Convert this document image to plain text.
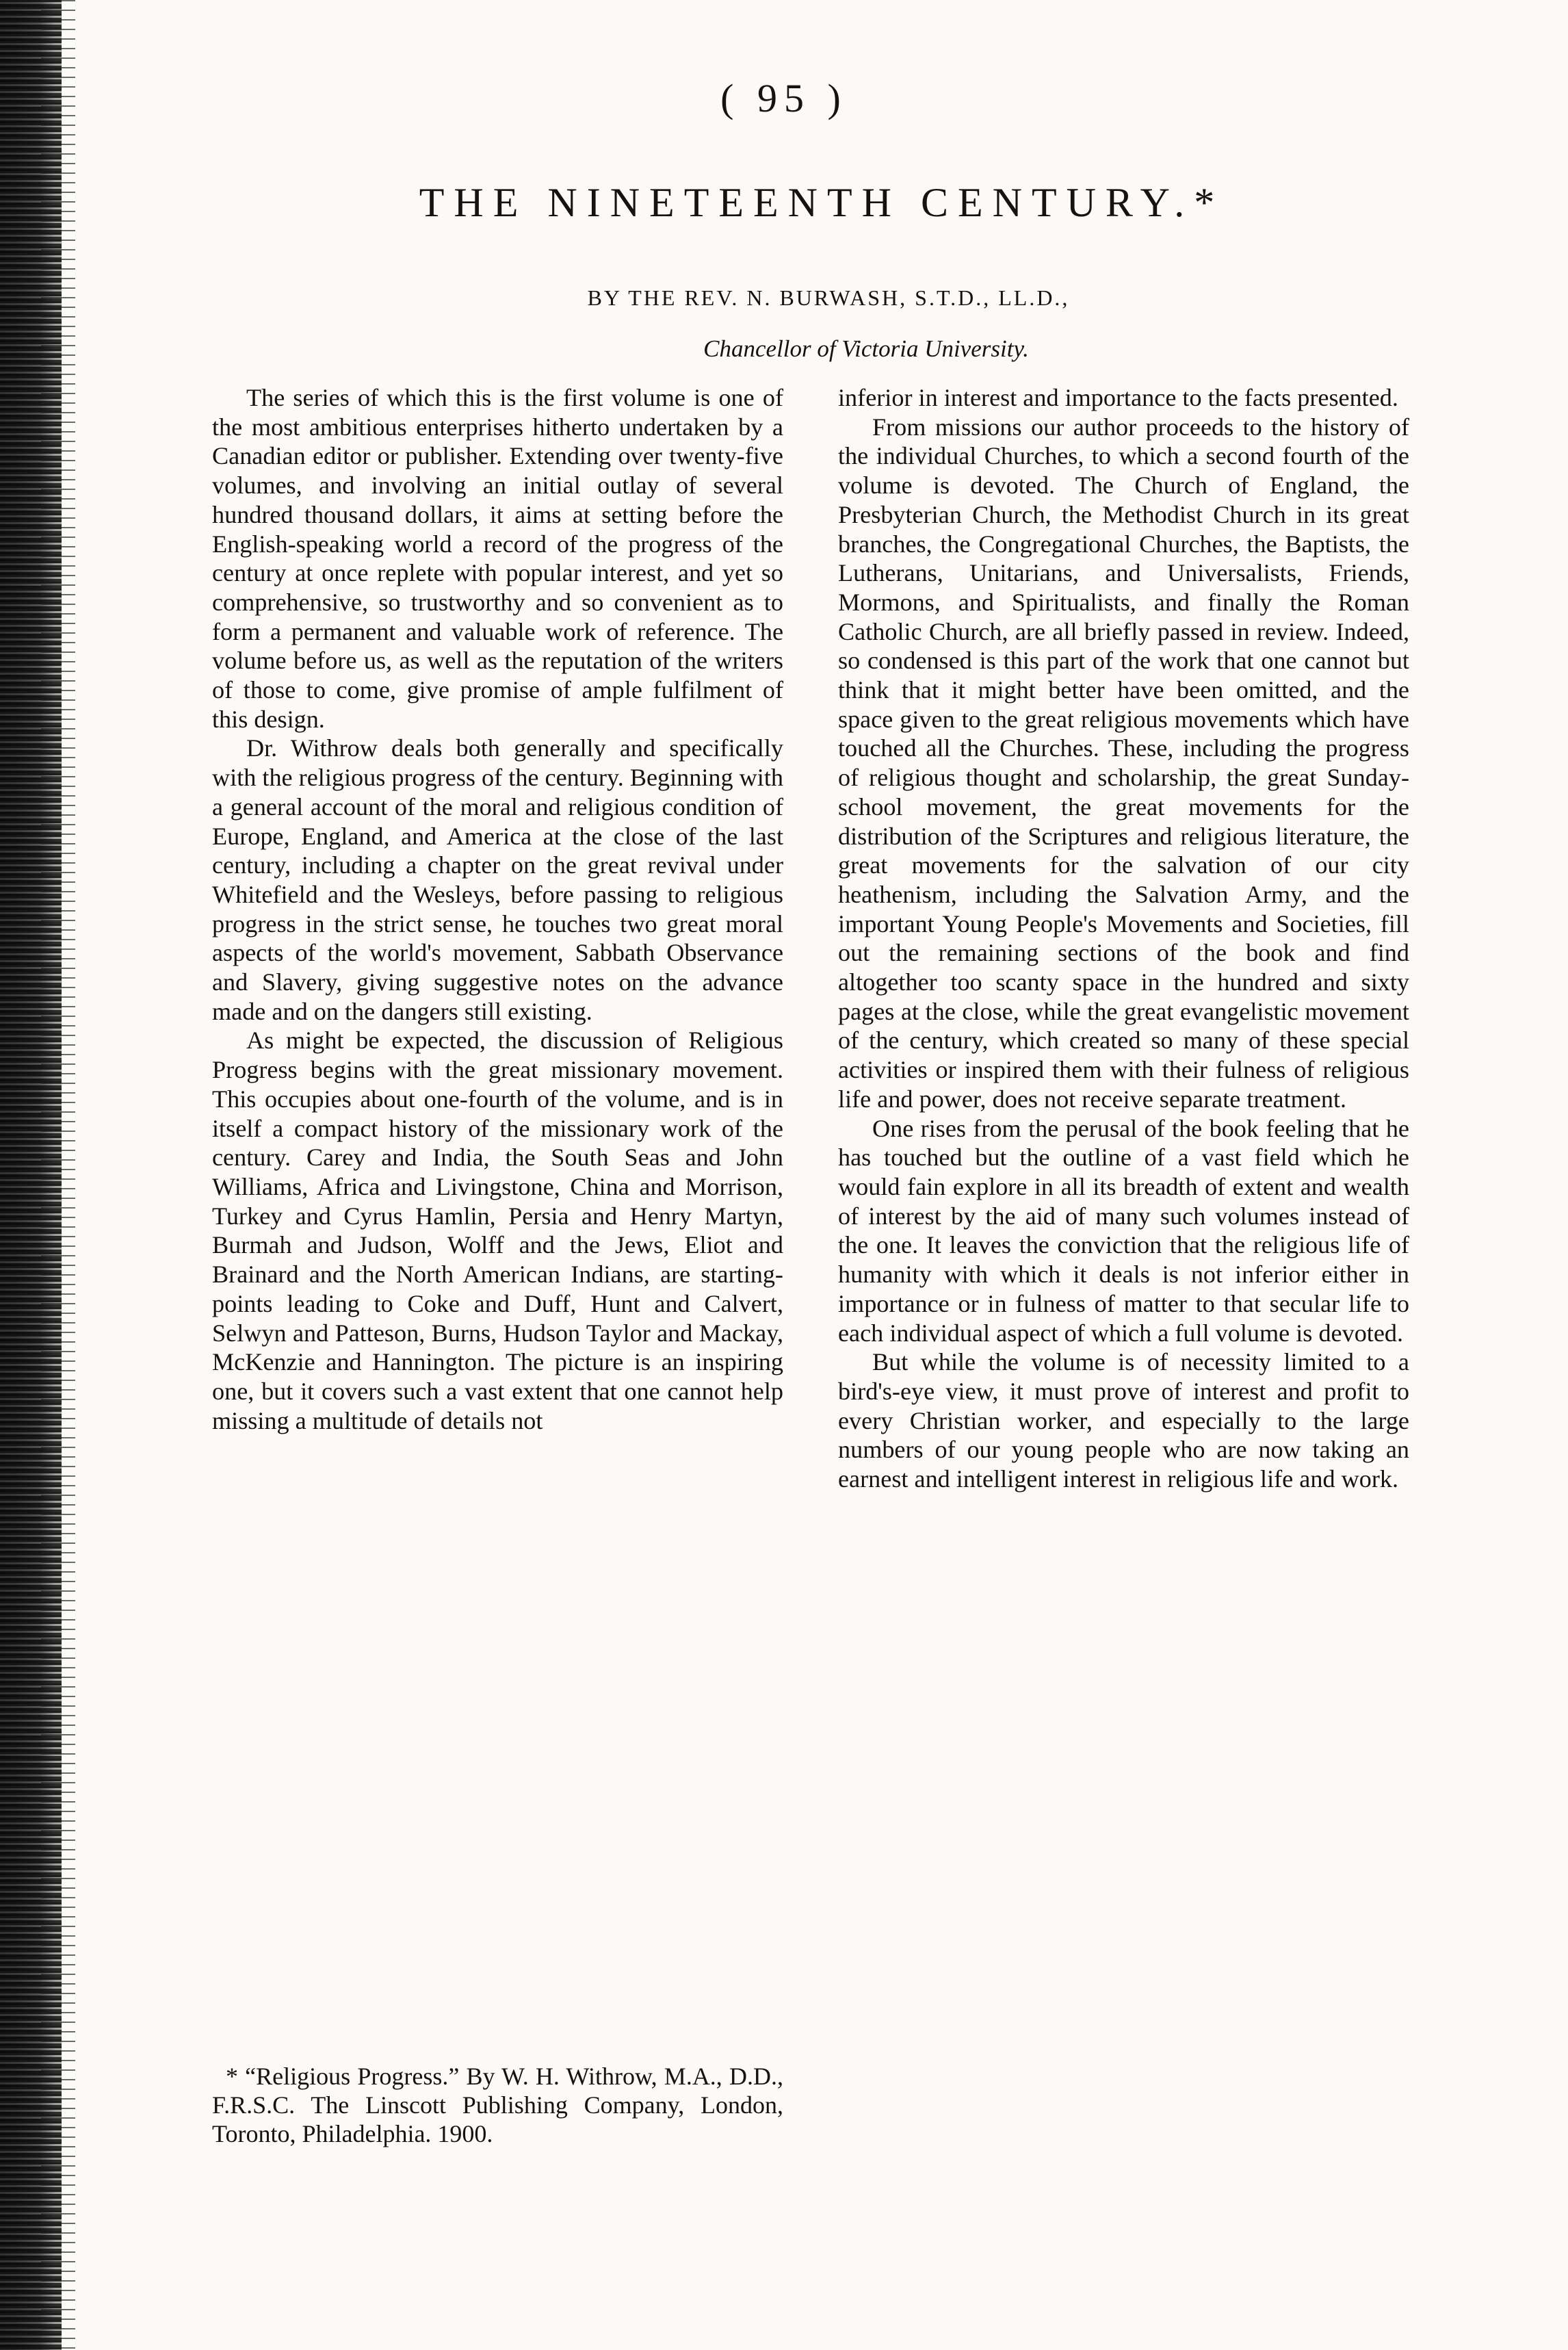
( 95 )
THE NINETEENTH CENTURY.*
BY THE REV. N. BURWASH, S.T.D., LL.D.,
Chancellor of Victoria University.

The series of which this is the first volume is one of the most ambitious enterprises hitherto undertaken by a Canadian editor or publisher. Extending over twenty-five volumes, and involving an initial outlay of several hundred thousand dollars, it aims at setting before the English-speaking world a record of the progress of the century at once replete with popular interest, and yet so comprehensive, so trustworthy and so convenient as to form a permanent and valuable work of reference. The volume before us, as well as the reputation of the writers of those to come, give promise of ample fulfilment of this design.

Dr. Withrow deals both generally and specifically with the religious progress of the century. Beginning with a general account of the moral and religious condition of Europe, England, and America at the close of the last century, including a chapter on the great revival under Whitefield and the Wesleys, before passing to religious progress in the strict sense, he touches two great moral aspects of the world's movement, Sabbath Observance and Slavery, giving suggestive notes on the advance made and on the dangers still existing.

As might be expected, the discussion of Religious Progress begins with the great missionary movement. This occupies about one-fourth of the volume, and is in itself a compact history of the missionary work of the century. Carey and India, the South Seas and John Williams, Africa and Livingstone, China and Morrison, Turkey and Cyrus Hamlin, Persia and Henry Martyn, Burmah and Judson, Wolff and the Jews, Eliot and Brainard and the North American Indians, are starting-points leading to Coke and Duff, Hunt and Calvert, Selwyn and Patteson, Burns, Hudson Taylor and Mackay, McKenzie and Hannington. The picture is an inspiring one, but it covers such a vast extent that one cannot help missing a multitude of details not

inferior in interest and importance to the facts presented.

From missions our author proceeds to the history of the individual Churches, to which a second fourth of the volume is devoted. The Church of England, the Presbyterian Church, the Methodist Church in its great branches, the Congregational Churches, the Baptists, the Lutherans, Unitarians, and Universalists, Friends, Mormons, and Spiritualists, and finally the Roman Catholic Church, are all briefly passed in review. Indeed, so condensed is this part of the work that one cannot but think that it might better have been omitted, and the space given to the great religious movements which have touched all the Churches. These, including the progress of religious thought and scholarship, the great Sunday-school movement, the great movements for the distribution of the Scriptures and religious literature, the great movements for the salvation of our city heathenism, including the Salvation Army, and the important Young People's Movements and Societies, fill out the remaining sections of the book and find altogether too scanty space in the hundred and sixty pages at the close, while the great evangelistic movement of the century, which created so many of these special activities or inspired them with their fulness of religious life and power, does not receive separate treatment.

One rises from the perusal of the book feeling that he has touched but the outline of a vast field which he would fain explore in all its breadth of extent and wealth of interest by the aid of many such volumes instead of the one. It leaves the conviction that the religious life of humanity with which it deals is not inferior either in importance or in fulness of matter to that secular life to each individual aspect of which a full volume is devoted.

But while the volume is of necessity limited to a bird's-eye view, it must prove of interest and profit to every Christian worker, and especially to the large numbers of our young people who are now taking an earnest and intelligent interest in religious life and work.

* “Religious Progress.” By W. H. Withrow, M.A., D.D., F.R.S.C. The Linscott Publishing Company, London, Toronto, Philadelphia. 1900.
